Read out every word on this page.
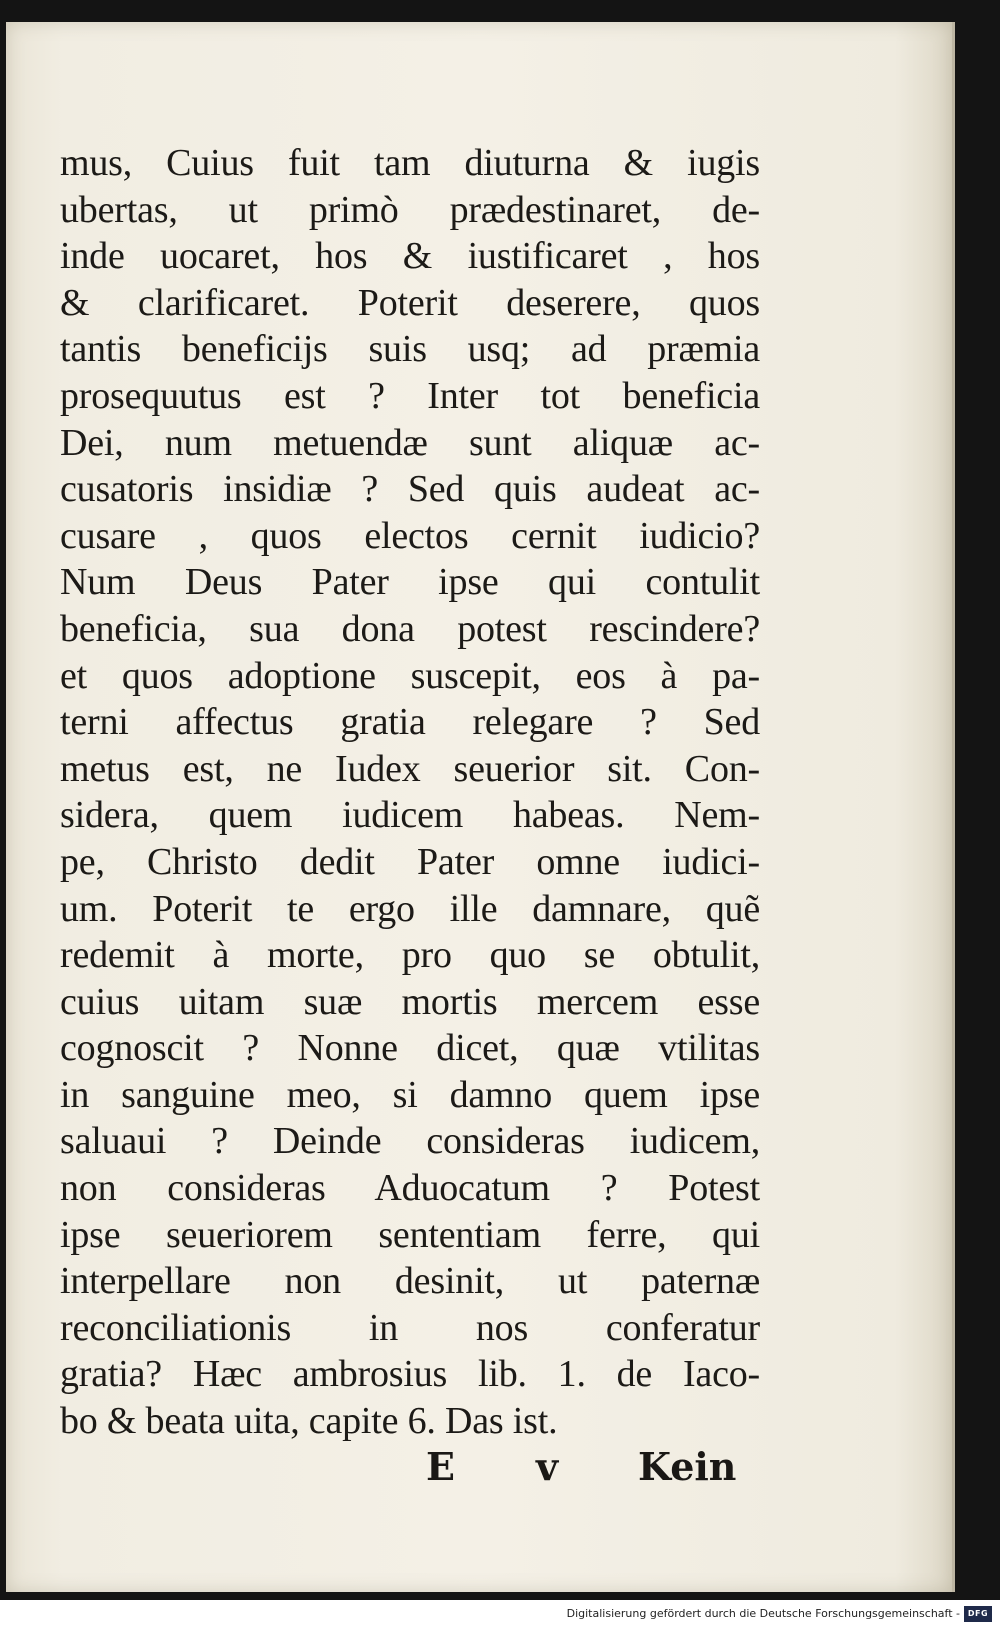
mus, Cuius fuit tam diuturna & iugis
ubertas, ut primò prædestinaret, de-
inde uocaret, hos & iustificaret , hos
& clarificaret. Poterit deserere, quos
tantis beneficijs suis usq; ad præmia
prosequutus est ? Inter tot beneficia
Dei, num metuendæ sunt aliquæ ac-
cusatoris insidiæ ? Sed quis audeat ac-
cusare , quos electos cernit iudicio?
Num Deus Pater ipse qui contulit
beneficia, sua dona potest rescindere?
et quos adoptione suscepit, eos à pa-
terni affectus gratia relegare ? Sed
metus est, ne Iudex seuerior sit. Con-
sidera, quem iudicem habeas. Nem-
pe, Christo dedit Pater omne iudici-
um. Poterit te ergo ille damnare, quẽ
redemit à morte, pro quo se obtulit,
cuius uitam suæ mortis mercem esse
cognoscit ? Nonne dicet, quæ vtilitas
in sanguine meo, si damno quem ipse
saluaui ? Deinde consideras iudicem,
non consideras Aduocatum ? Potest
ipse seueriorem sententiam ferre, qui
interpellare non desinit, ut paternæ
reconciliationis in nos conferatur
gratia? Hæc ambrosius lib. 1. de Iaco-
bo & beata uita, capite 6. Das ist.
E v Kein
Digitalisierung gefördert durch die Deutsche Forschungsgemeinschaft - DFG
